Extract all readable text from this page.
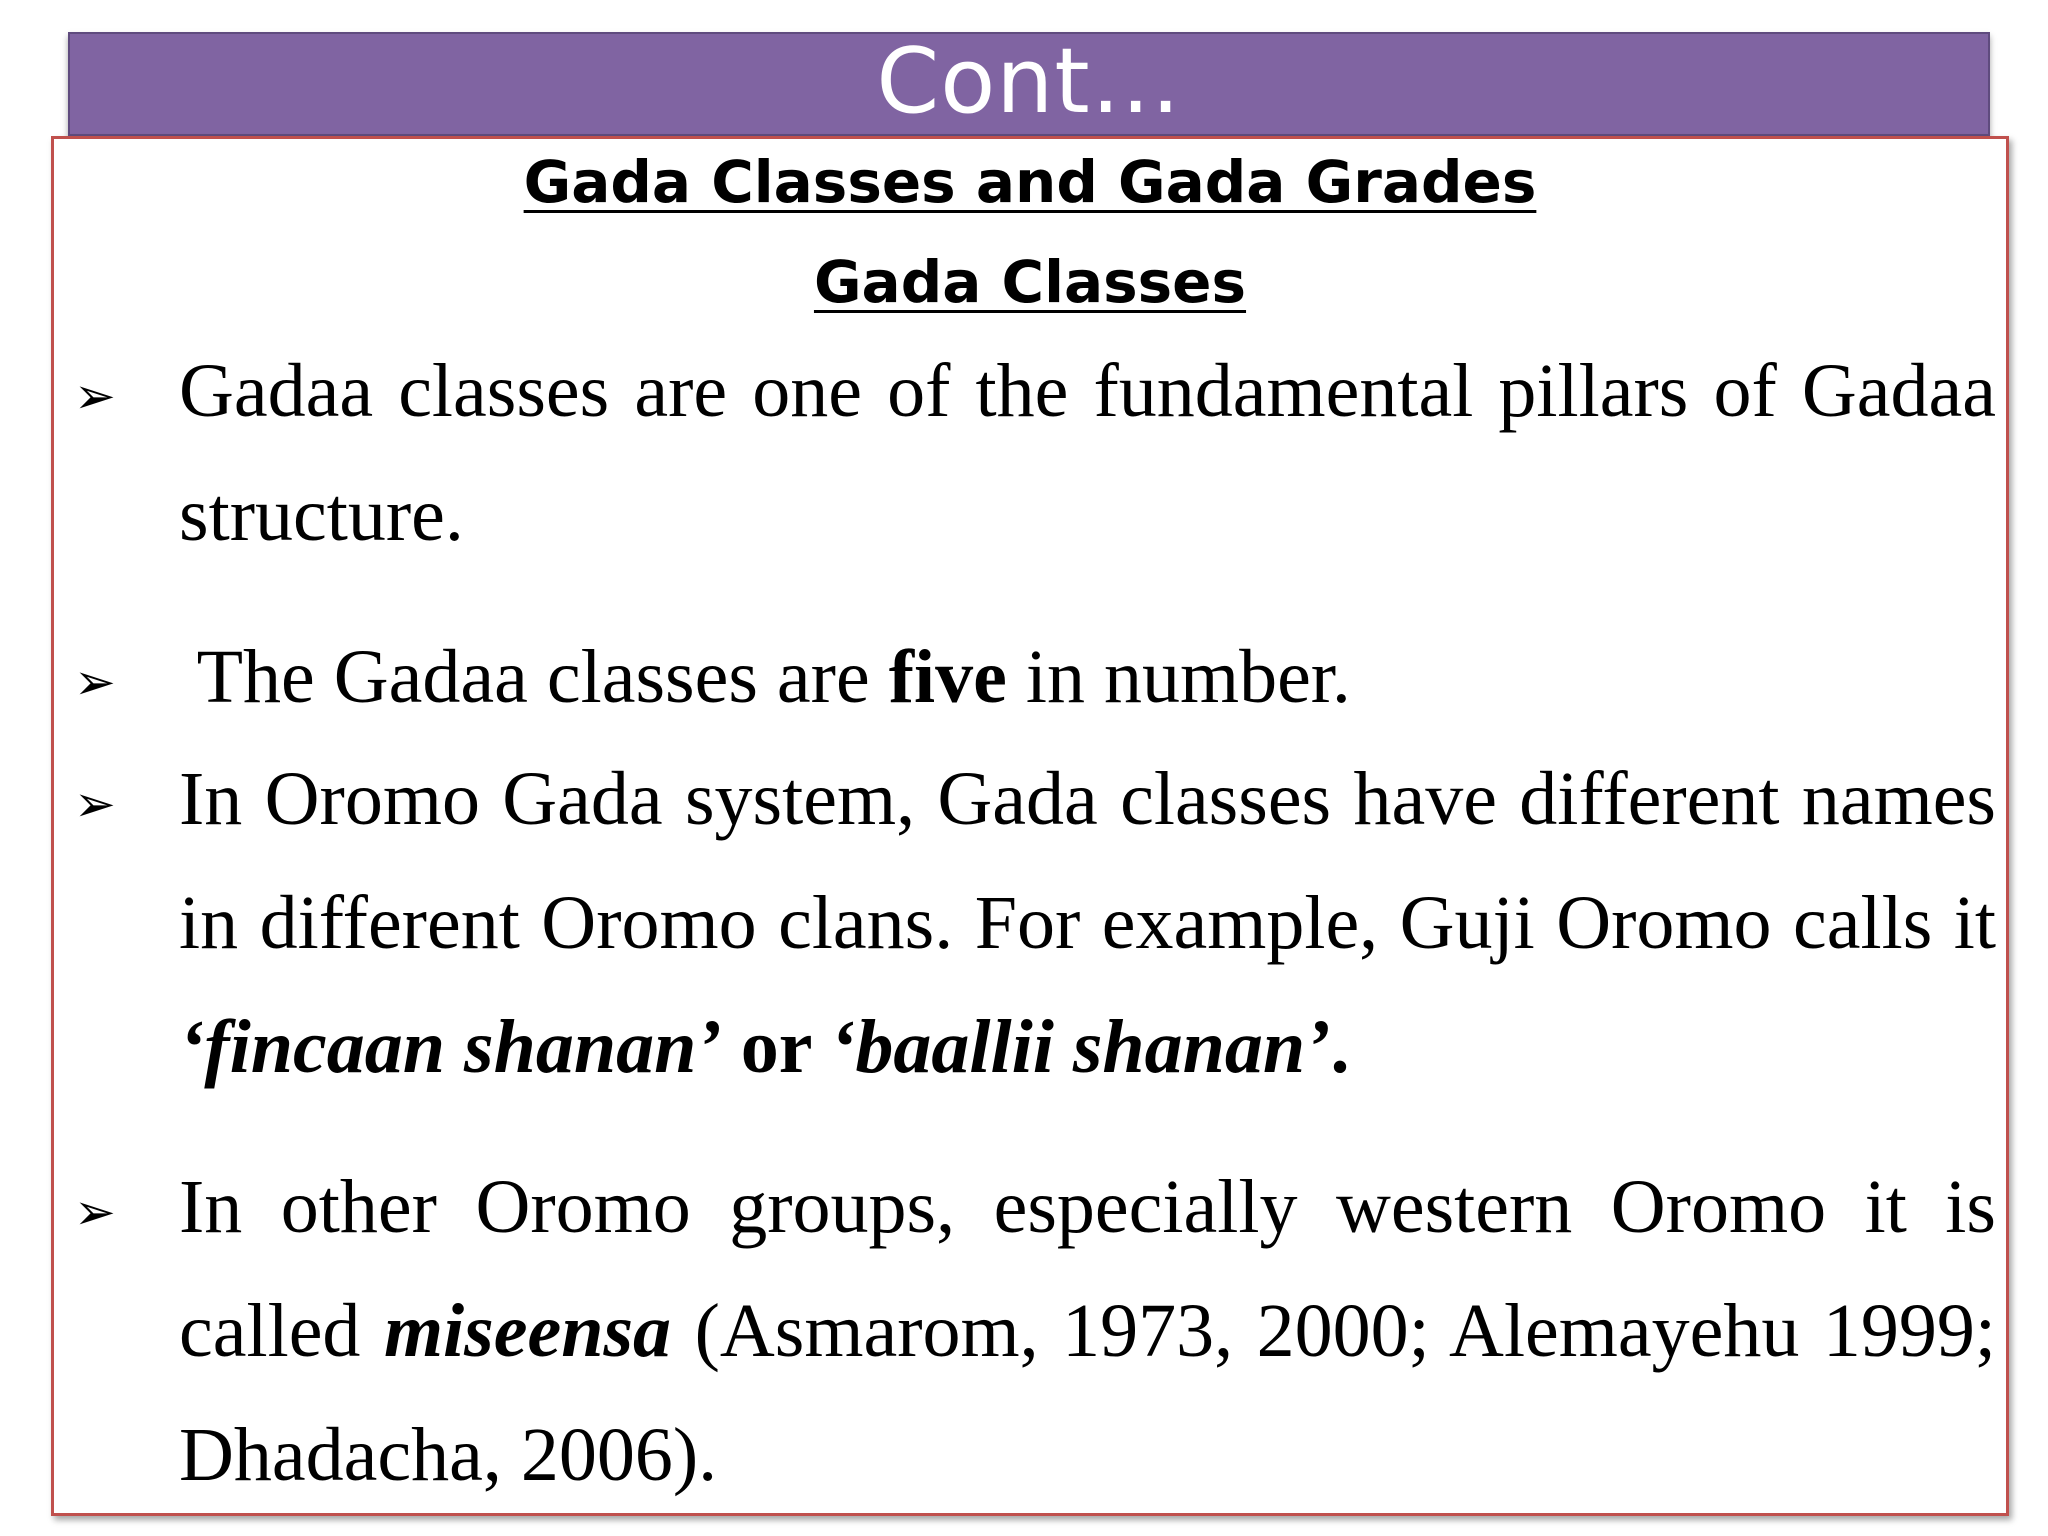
Cont…
Gada Classes and Gada Grades
Gada Classes
➢ Gadaa classes are one of the fundamental pillars of Gadaa structure.
➢ The Gadaa classes are five in number.
➢ In Oromo Gada system, Gada classes have different names in different Oromo clans. For example, Guji Oromo calls it ‘fincaan shanan’ or ‘baallii shanan’.
➢ In other Oromo groups, especially western Oromo it is called miseensa (Asmarom, 1973, 2000; Alemayehu 1999; Dhadacha, 2006).
